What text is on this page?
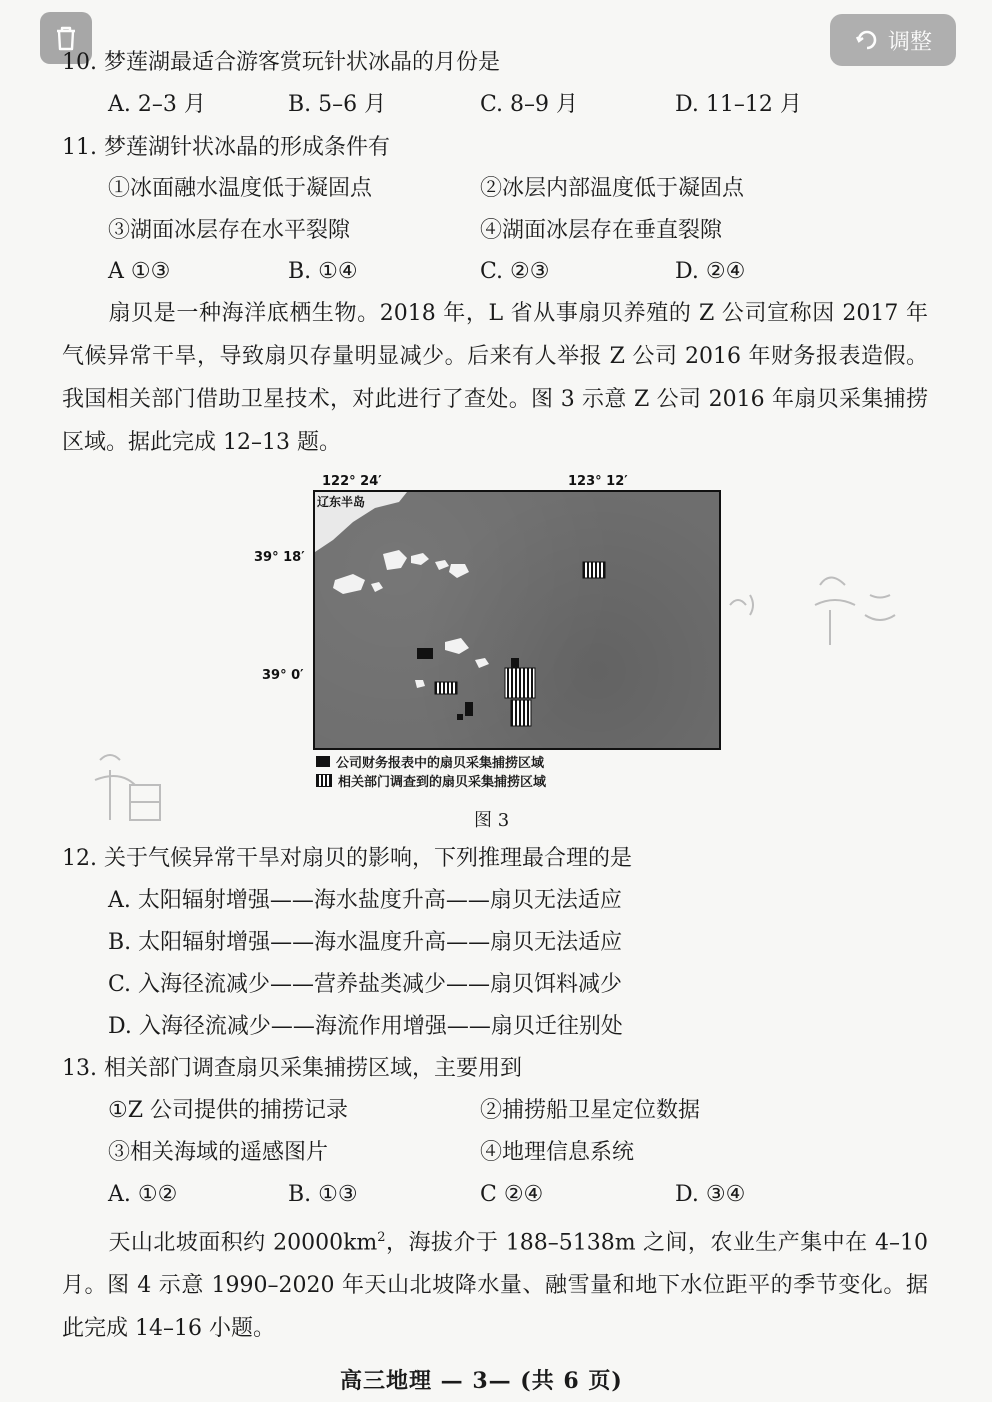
调整
10. 梦莲湖最适合游客赏玩针状冰晶的月份是
A. 2–3 月	B. 5–6 月	C. 8–9 月	D. 11–12 月
11. 梦莲湖针状冰晶的形成条件有
①冰面融水温度低于凝固点	②冰层内部温度低于凝固点
③湖面冰层存在水平裂隙	④湖面冰层存在垂直裂隙
A ①③	B. ①④	C. ②③	D. ②④
扇贝是一种海洋底栖生物。2018 年，L 省从事扇贝养殖的 Z 公司宣称因 2017 年气候异常干旱，导致扇贝存量明显减少。后来有人举报 Z 公司 2016 年财务报表造假。我国相关部门借助卫星技术，对此进行了查处。图 3 示意 Z 公司 2016 年扇贝采集捕捞区域。据此完成 12–13 题。
122° 24′	123° 12′
39° 18′
39° 0′
辽东半岛
公司财务报表中的扇贝采集捕捞区域
相关部门调查到的扇贝采集捕捞区域
图 3
12. 关于气候异常干旱对扇贝的影响，下列推理最合理的是
A. 太阳辐射增强——海水盐度升高——扇贝无法适应
B. 太阳辐射增强——海水温度升高——扇贝无法适应
C. 入海径流减少——营养盐类减少——扇贝饵料减少
D. 入海径流减少——海流作用增强——扇贝迁往别处
13. 相关部门调查扇贝采集捕捞区域，主要用到
①Z 公司提供的捕捞记录	②捕捞船卫星定位数据
③相关海域的遥感图片	④地理信息系统
A. ①②	B. ①③	C ②④	D. ③④
天山北坡面积约 $20000km^2$，海拔介于 188–5138m 之间，农业生产集中在 4–10 月。图 4 示意 1990–2020 年天山北坡降水量、融雪量和地下水位距平的季节变化。据此完成 14–16 小题。
高三地理 — 3— (共 6 页)
